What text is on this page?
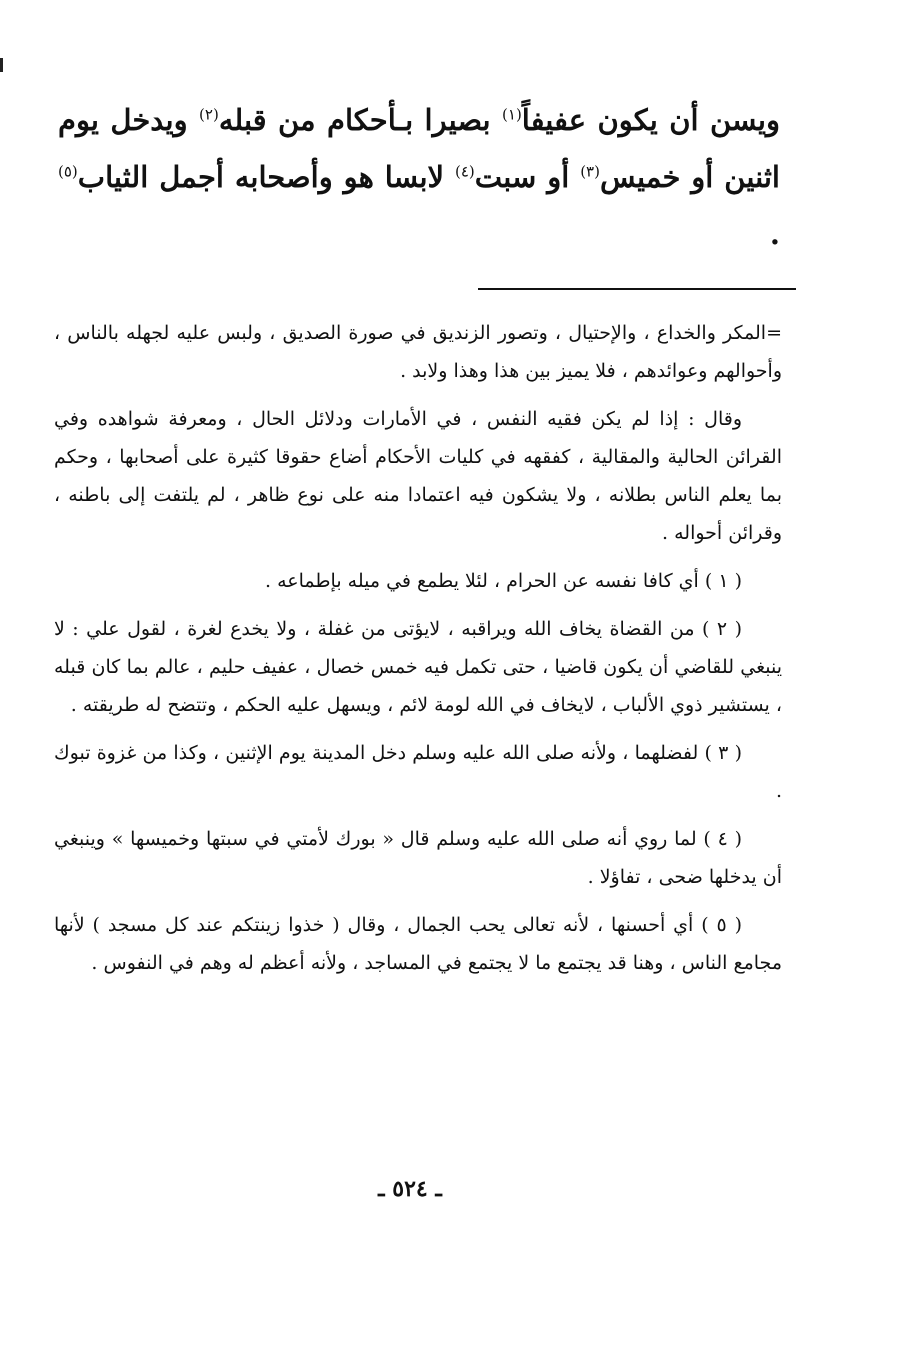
ويسن أن يكون عفيفاً$^{(١)}$ بصيرا بـأحكام من قبله$^{(٢)}$ ويدخل يوم اثنين أو خميس$^{(٣)}$ أو سبت$^{(٤)}$ لابسا هو وأصحابه أجمل الثياب$^{(٥)}$ .

=المكر والخداع ، والإحتيال ، وتصور الزنديق في صورة الصديق ، ولبس عليه لجهله بالناس ، وأحوالهم وعوائدهم ، فلا يميز بين هذا وهذا ولابد .

وقال : إذا لم يكن فقيه النفس ، في الأمارات ودلائل الحال ، ومعرفة شواهده وفي القرائن الحالية والمقالية ، كفقهه في كليات الأحكام أضاع حقوقا كثيرة على أصحابها ، وحكم بما يعلم الناس بطلانه ، ولا يشكون فيه اعتمادا منه على نوع ظاهر ، لم يلتفت إلى باطنه ، وقرائن أحواله .

( ١ ) أي كافا نفسه عن الحرام ، لئلا يطمع في ميله بإطماعه .

( ٢ ) من القضاة يخاف الله ويراقبه ، لايؤتى من غفلة ، ولا يخدع لغرة ، لقول علي : لا ينبغي للقاضي أن يكون قاضيا ، حتى تكمل فيه خمس خصال ، عفيف حليم ، عالم بما كان قبله ، يستشير ذوي الألباب ، لايخاف في الله لومة لائم ، ويسهل عليه الحكم ، وتتضح له طريقته .

( ٣ ) لفضلهما ، ولأنه صلى الله عليه وسلم دخل المدينة يوم الإثنين ، وكذا من غزوة تبوك .

( ٤ ) لما روي أنه صلى الله عليه وسلم قال « بورك لأمتي في سبتها وخميسها » وينبغي أن يدخلها ضحى ، تفاؤلا .

( ٥ ) أي أحسنها ، لأنه تعالى يحب الجمال ، وقال ( خذوا زينتكم عند كل مسجد ) لأنها مجامع الناس ، وهنا قد يجتمع ما لا يجتمع في المساجد ، ولأنه أعظم له وهم في النفوس .

ـ ٥٢٤ ـ
